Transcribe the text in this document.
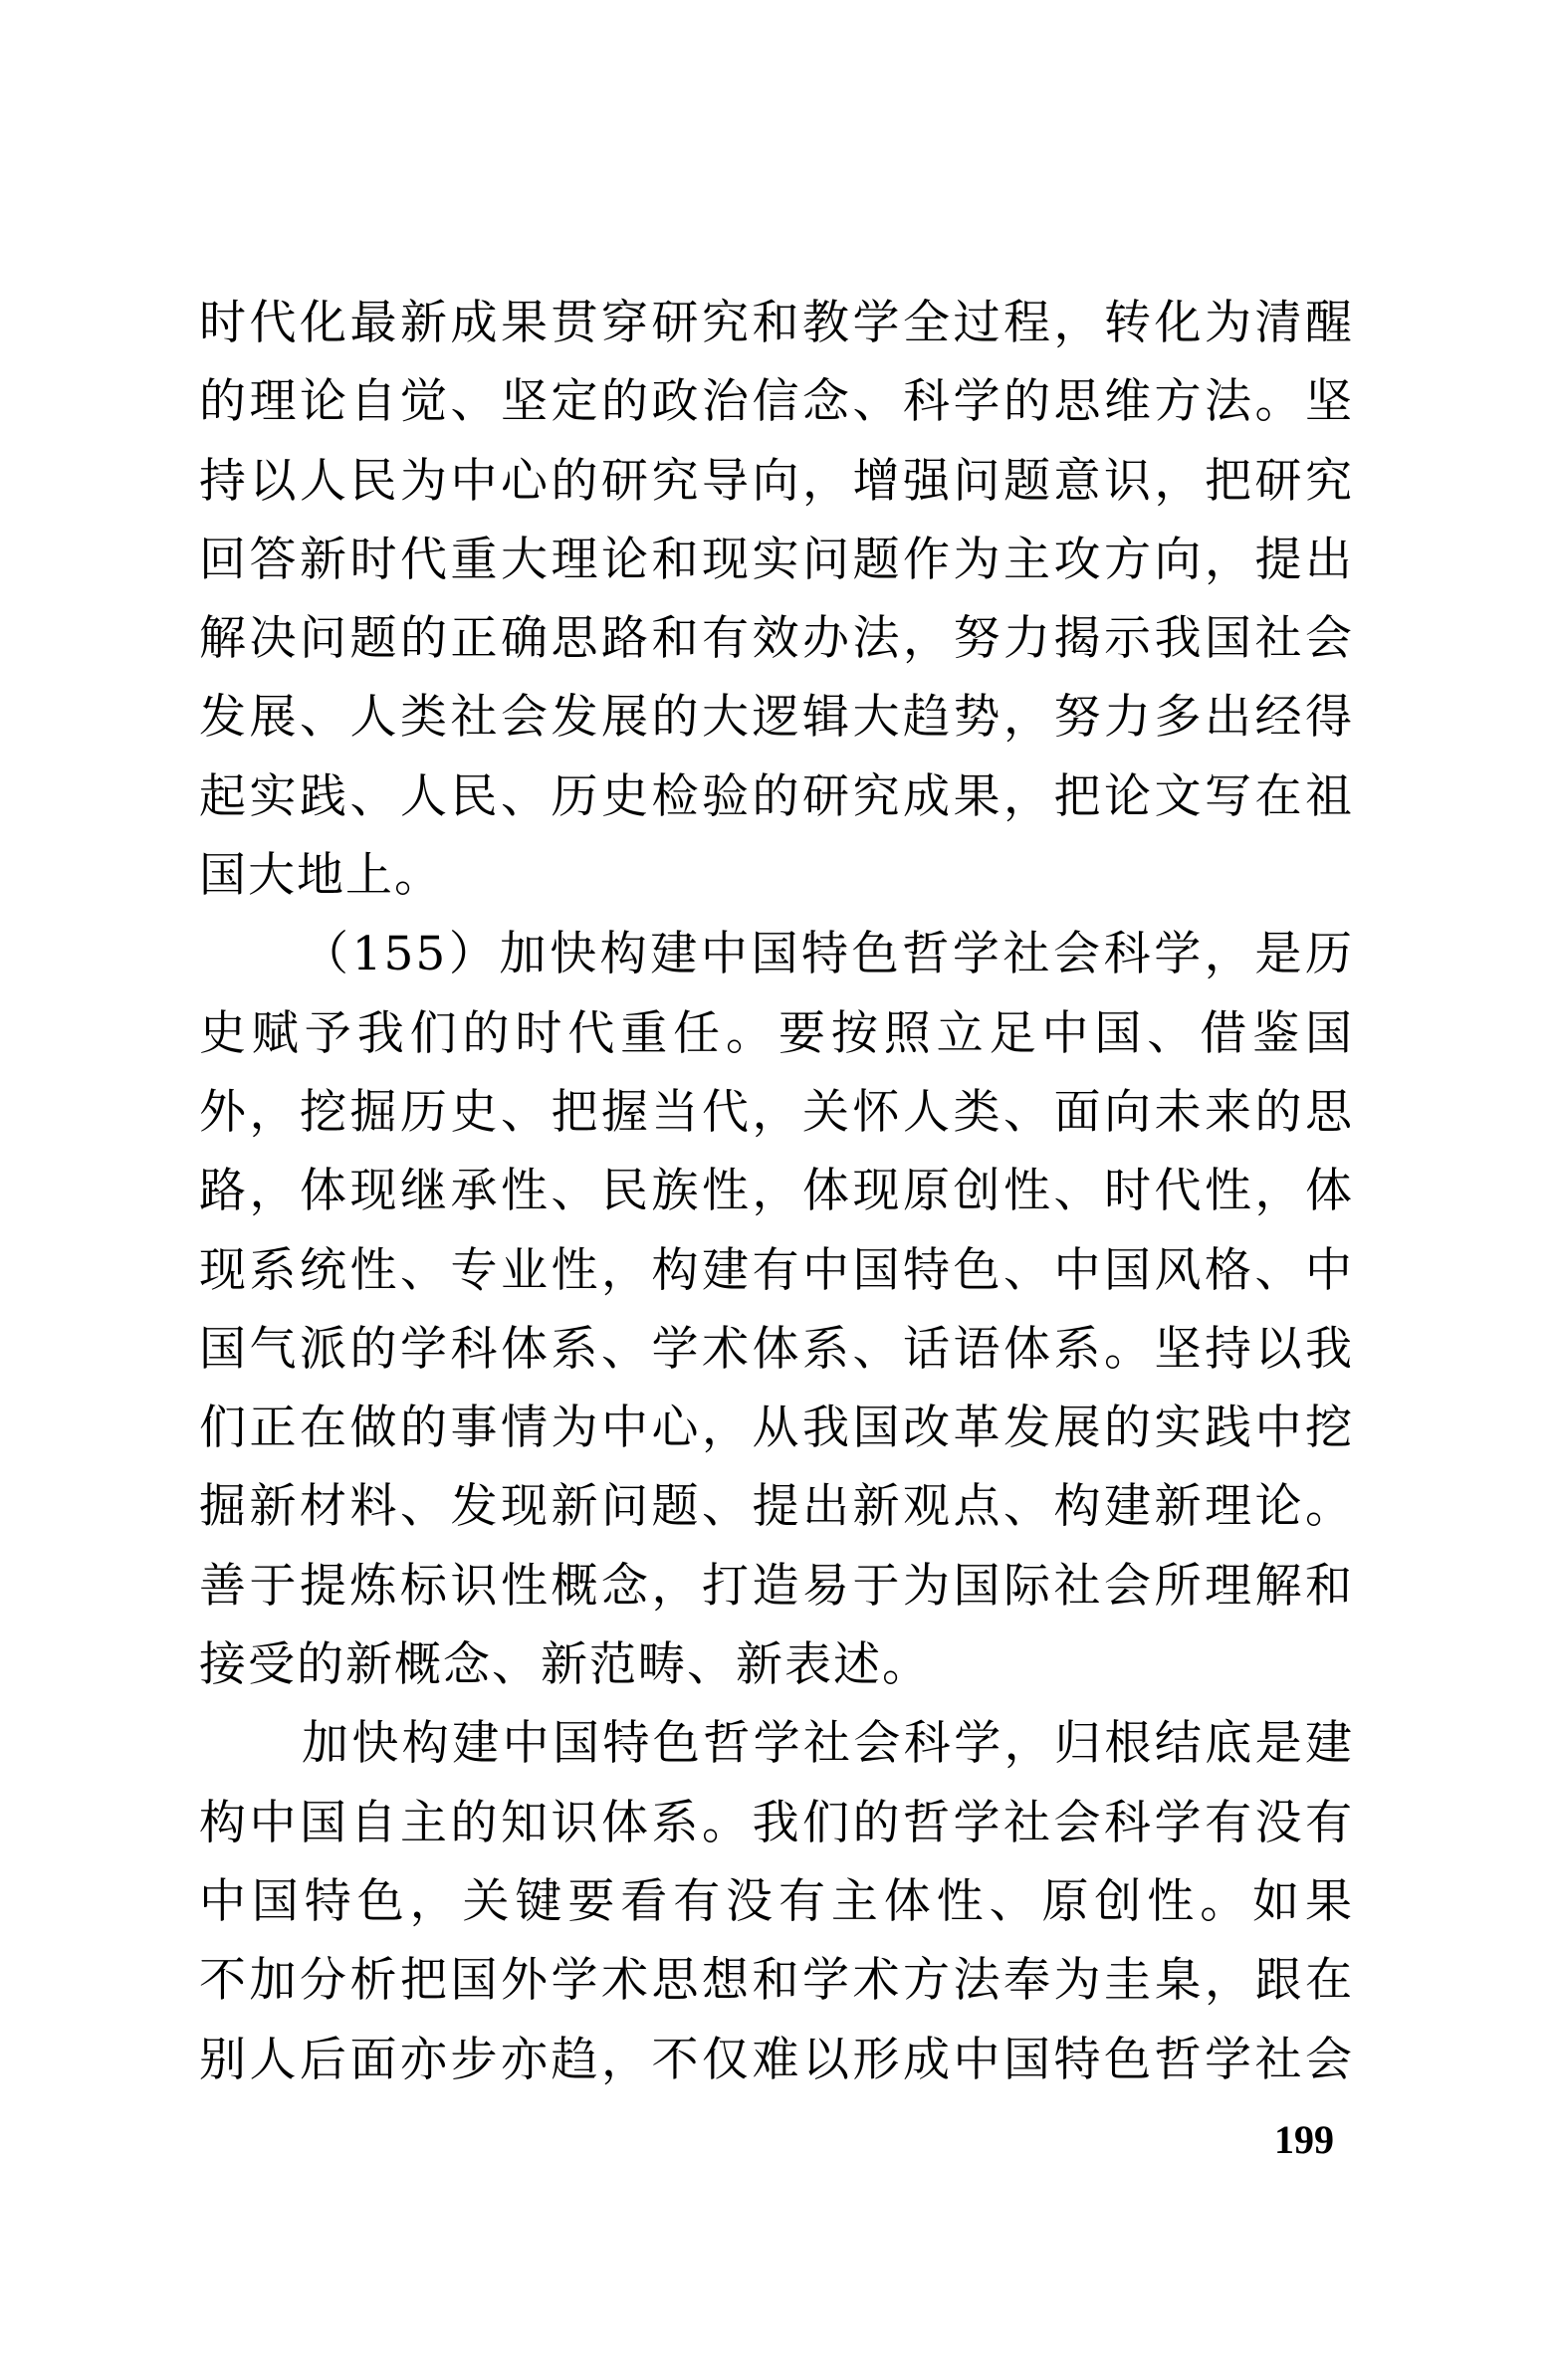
时代化最新成果贯穿研究和教学全过程，转化为清醒
的理论自觉、坚定的政治信念、科学的思维方法。坚
持以人民为中心的研究导向，增强问题意识，把研究
回答新时代重大理论和现实问题作为主攻方向，提出
解决问题的正确思路和有效办法，努力揭示我国社会
发展、人类社会发展的大逻辑大趋势，努力多出经得
起实践、人民、历史检验的研究成果，把论文写在祖
国大地上。
（155）加快构建中国特色哲学社会科学，是历
史赋予我们的时代重任。要按照立足中国、借鉴国
外，挖掘历史、把握当代，关怀人类、面向未来的思
路，体现继承性、民族性，体现原创性、时代性，体
现系统性、专业性，构建有中国特色、中国风格、中
国气派的学科体系、学术体系、话语体系。坚持以我
们正在做的事情为中心，从我国改革发展的实践中挖
掘新材料、发现新问题、提出新观点、构建新理论。
善于提炼标识性概念，打造易于为国际社会所理解和
接受的新概念、新范畴、新表述。
加快构建中国特色哲学社会科学，归根结底是建
构中国自主的知识体系。我们的哲学社会科学有没有
中国特色，关键要看有没有主体性、原创性。如果
不加分析把国外学术思想和学术方法奉为圭臬，跟在
别人后面亦步亦趋，不仅难以形成中国特色哲学社会
199
